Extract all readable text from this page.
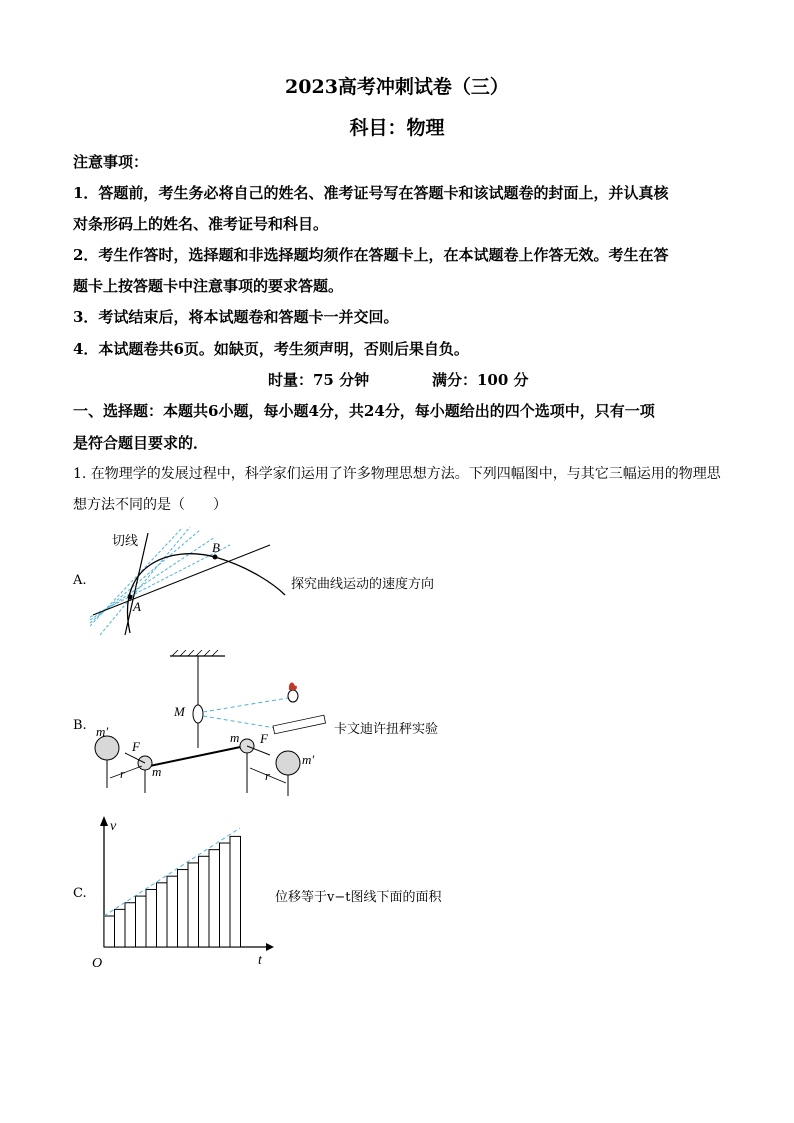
2023高考冲刺试卷（三）
科目：物理
注意事项：
1．答题前，考生务必将自己的姓名、准考证号写在答题卡和该试题卷的封面上，并认真核
对条形码上的姓名、准考证号和科目。
2．考生作答时，选择题和非选择题均须作在答题卡上，在本试题卷上作答无效。考生在答
题卡上按答题卡中注意事项的要求答题。
3．考试结束后，将本试题卷和答题卡一并交回。
4．本试题卷共6页。如缺页，考生须声明，否则后果自负。
时量：75 分钟	满分：100 分
一、选择题：本题共6小题，每小题4分，共24分，每小题给出的四个选项中，只有一项
是符合题目要求的．
1. 在物理学的发展过程中，科学家们运用了许多物理思想方法。下列四幅图中，与其它三幅运用的物理思
想方法不同的是（　　）
A.
切线
A
B
探究曲线运动的速度方向
B.
M
m′
m′
F
F
m
m
r	r
卡文迪许扭秤实验
C.
v
t
O
位移等于v−t图线下面的面积
